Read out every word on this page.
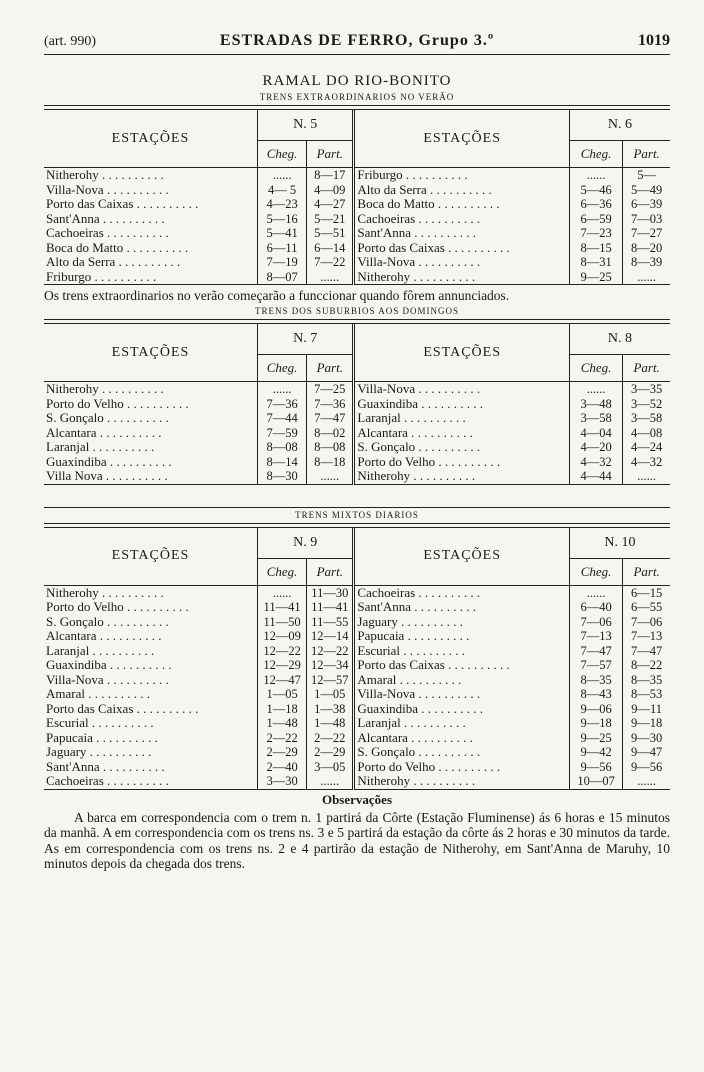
(art. 990)	ESTRADAS DE FERRO, Grupo 3.º	1019
RAMAL DO RIO-BONITO
TRENS EXTRAORDINARIOS NO VERÃO
ESTAÇÕES	N. 5		ESTAÇÕES	N. 6	
	Cheg.	Part.		Cheg.	Part.
Nitherohy . . . . . . . . . .	......	8—17	Friburgo . . . . . . . . . .	......	5—
Villa-Nova . . . . . . . . . .	4— 5	4—09	Alto da Serra . . . . . . . . . .	5—46	5—49
Porto das Caixas . . . . . . . . . .	4—23	4—27	Boca do Matto . . . . . . . . . .	6—36	6—39
Sant'Anna . . . . . . . . . .	5—16	5—21	Cachoeiras . . . . . . . . . .	6—59	7—03
Cachoeiras . . . . . . . . . .	5—41	5—51	Sant'Anna . . . . . . . . . .	7—23	7—27
Boca do Matto . . . . . . . . . .	6—11	6—14	Porto das Caixas . . . . . . . . . .	8—15	8—20
Alto da Serra . . . . . . . . . .	7—19	7—22	Villa-Nova . . . . . . . . . .	8—31	8—39
Friburgo . . . . . . . . . .	8—07	......	Nitherohy . . . . . . . . . .	9—25	......
Os trens extraordinarios no verão começarão a funccionar quando fôrem annunciados.
TRENS DOS SUBURBIOS AOS DOMINGOS
ESTAÇÕES	N. 7		ESTAÇÕES	N. 8	
	Cheg.	Part.		Cheg.	Part.
Nitherohy . . . . . . . . . .	......	7—25	Villa-Nova . . . . . . . . . .	......	3—35
Porto do Velho . . . . . . . . . .	7—36	7—36	Guaxindiba . . . . . . . . . .	3—48	3—52
S. Gonçalo . . . . . . . . . .	7—44	7—47	Laranjal . . . . . . . . . .	3—58	3—58
Alcantara . . . . . . . . . .	7—59	8—02	Alcantara . . . . . . . . . .	4—04	4—08
Laranjal . . . . . . . . . .	8—08	8—08	S. Gonçalo . . . . . . . . . .	4—20	4—24
Guaxindiba . . . . . . . . . .	8—14	8—18	Porto do Velho . . . . . . . . . .	4—32	4—32
Villa Nova . . . . . . . . . .	8—30	......	Nitherohy . . . . . . . . . .	4—44	......
TRENS MIXTOS DIARIOS
ESTAÇÕES	N. 9		ESTAÇÕES	N. 10	
	Cheg.	Part.		Cheg.	Part.
Nitherohy . . . . . . . . . .	......	11—30	Cachoeiras . . . . . . . . . .	......	6—15
Porto do Velho . . . . . . . . . .	11—41	11—41	Sant'Anna . . . . . . . . . .	6—40	6—55
S. Gonçalo . . . . . . . . . .	11—50	11—55	Jaguary . . . . . . . . . .	7—06	7—06
Alcantara . . . . . . . . . .	12—09	12—14	Papucaia . . . . . . . . . .	7—13	7—13
Laranjal . . . . . . . . . .	12—22	12—22	Escurial . . . . . . . . . .	7—47	7—47
Guaxindiba . . . . . . . . . .	12—29	12—34	Porto das Caixas . . . . . . . . . .	7—57	8—22
Villa-Nova . . . . . . . . . .	12—47	12—57	Amaral . . . . . . . . . .	8—35	8—35
Amaral . . . . . . . . . .	1—05	1—05	Villa-Nova . . . . . . . . . .	8—43	8—53
Porto das Caixas . . . . . . . . . .	1—18	1—38	Guaxindiba . . . . . . . . . .	9—06	9—11
Escurial . . . . . . . . . .	1—48	1—48	Laranjal . . . . . . . . . .	9—18	9—18
Papucaia . . . . . . . . . .	2—22	2—22	Alcantara . . . . . . . . . .	9—25	9—30
Jaguary . . . . . . . . . .	2—29	2—29	S. Gonçalo . . . . . . . . . .	9—42	9—47
Sant'Anna . . . . . . . . . .	2—40	3—05	Porto do Velho . . . . . . . . . .	9—56	9—56
Cachoeiras . . . . . . . . . .	3—30	......	Nitherohy . . . . . . . . . .	10—07	......
Observações
A barca em correspondencia com o trem n. 1 partirá da Côrte (Estação Fluminense) ás 6 horas e 15 minutos da manhã. A em correspondencia com os trens ns. 3 e 5 partirá da estação da côrte ás 2 horas e 30 minutos da tarde. As em correspondencia com os trens ns. 2 e 4 partirão da estação de Nitherohy, em Sant'Anna de Maruhy, 10 minutos depois da chegada dos trens.
